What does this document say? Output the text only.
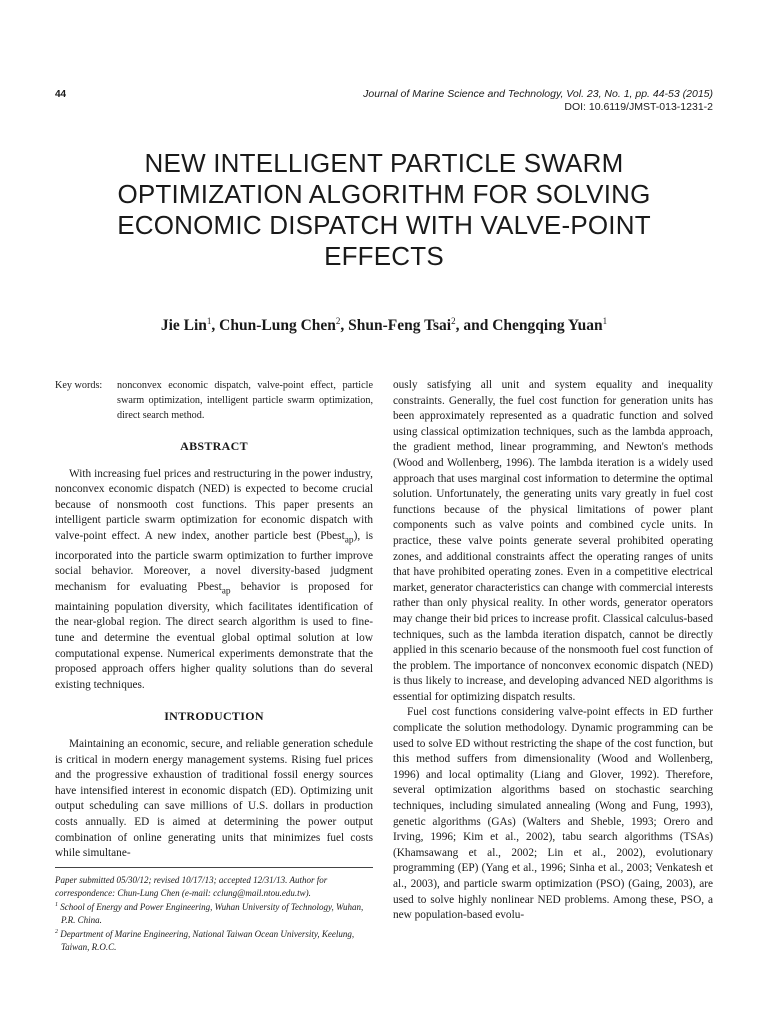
44	Journal of Marine Science and Technology, Vol. 23, No. 1, pp. 44-53 (2015)
DOI: 10.6119/JMST-013-1231-2
NEW INTELLIGENT PARTICLE SWARM OPTIMIZATION ALGORITHM FOR SOLVING ECONOMIC DISPATCH WITH VALVE-POINT EFFECTS
Jie Lin$^1$, Chun-Lung Chen$^2$, Shun-Feng Tsai$^2$, and Chengqing Yuan$^1$
Key words:	nonconvex economic dispatch, valve-point effect, particle swarm optimization, intelligent particle swarm optimization, direct search method.
ABSTRACT

With increasing fuel prices and restructuring in the power industry, nonconvex economic dispatch (NED) is expected to become crucial because of nonsmooth cost functions. This paper presents an intelligent particle swarm optimization for economic dispatch with valve-point effect. A new index, another particle best (Pbest$_{ap}$), is incorporated into the particle swarm optimization to further improve social behavior. Moreover, a novel diversity-based judgment mechanism for evaluating Pbest$_{ap}$ behavior is proposed for maintaining population diversity, which facilitates identification of the near-global region. The direct search algorithm is used to fine-tune and determine the eventual global optimal solution at low computational expense. Numerical experiments demonstrate that the proposed approach offers higher quality solutions than do several existing techniques.

INTRODUCTION

Maintaining an economic, secure, and reliable generation schedule is critical in modern energy management systems. Rising fuel prices and the progressive exhaustion of traditional fossil energy sources have intensified interest in economic dispatch (ED). Optimizing unit output scheduling can save millions of U.S. dollars in production costs annually. ED is aimed at determining the power output combination of online generating units that minimizes fuel costs while simultane-

Paper submitted 05/30/12; revised 10/17/13; accepted 12/31/13. Author for correspondence: Chun-Lung Chen (e-mail: cclung@mail.ntou.edu.tw).

$^1$ School of Energy and Power Engineering, Wuhan University of Technology, Wuhan, P.R. China.

$^2$ Department of Marine Engineering, National Taiwan Ocean University, Keelung, Taiwan, R.O.C.

ously satisfying all unit and system equality and inequality constraints. Generally, the fuel cost function for generation units has been approximately represented as a quadratic function and solved using classical optimization techniques, such as the lambda approach, the gradient method, linear programming, and Newton's methods (Wood and Wollenberg, 1996). The lambda iteration is a widely used approach that uses marginal cost information to determine the optimal solution. Unfortunately, the generating units vary greatly in fuel cost functions because of the physical limitations of power plant components such as valve points and combined cycle units. In practice, these valve points generate several prohibited operating zones, and additional constraints affect the operating ranges of units that have prohibited operating zones. Even in a competitive electrical market, generator characteristics can change with commercial interests rather than only physical reality. In other words, generator operators may change their bid prices to increase profit. Classical calculus-based techniques, such as the lambda iteration dispatch, cannot be directly applied in this scenario because of the nonsmooth fuel cost function of the problem. The importance of nonconvex economic dispatch (NED) is thus likely to increase, and developing advanced NED algorithms is essential for optimizing dispatch results.

Fuel cost functions considering valve-point effects in ED further complicate the solution methodology. Dynamic programming can be used to solve ED without restricting the shape of the cost function, but this method suffers from dimensionality (Wood and Wollenberg, 1996) and local optimality (Liang and Glover, 1992). Therefore, several optimization algorithms based on stochastic searching techniques, including simulated annealing (Wong and Fung, 1993), genetic algorithms (GAs) (Walters and Sheble, 1993; Orero and Irving, 1996; Kim et al., 2002), tabu search algorithms (TSAs) (Khamsawang et al., 2002; Lin et al., 2002), evolutionary programming (EP) (Yang et al., 1996; Sinha et al., 2003; Venkatesh et al., 2003), and particle swarm optimization (PSO) (Gaing, 2003), are used to solve highly nonlinear NED problems. Among these, PSO, a new population-based evolu-
